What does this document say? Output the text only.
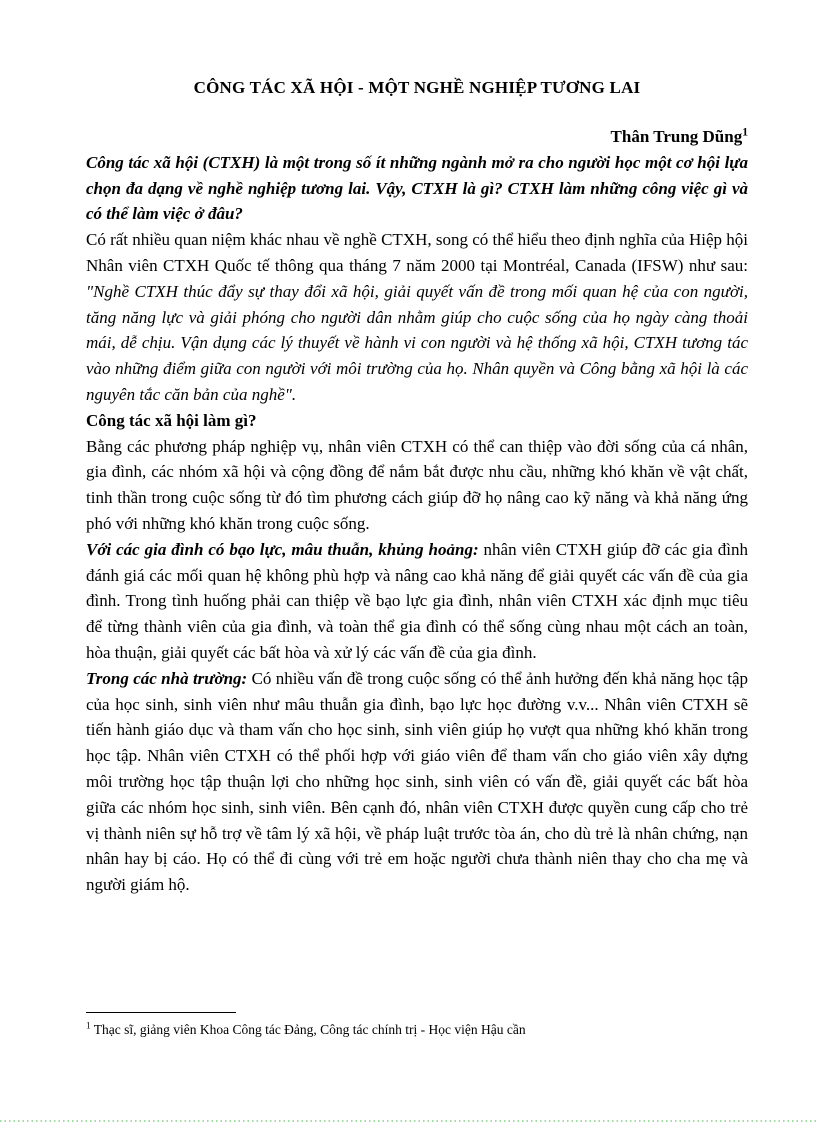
CÔNG TÁC XÃ HỘI - MỘT NGHỀ NGHIỆP TƯƠNG LAI
Thân Trung Dũng$^1$

Công tác xã hội (CTXH) là một trong số ít những ngành mở ra cho người học một cơ hội lựa chọn đa dạng về nghề nghiệp tương lai. Vậy, CTXH là gì? CTXH làm những công việc gì và có thể làm việc ở đâu?

Có rất nhiều quan niệm khác nhau về nghề CTXH, song có thể hiểu theo định nghĩa của Hiệp hội Nhân viên CTXH Quốc tế thông qua tháng 7 năm 2000 tại Montréal, Canada (IFSW) như sau: "Nghề CTXH thúc đẩy sự thay đổi xã hội, giải quyết vấn đề trong mối quan hệ của con người, tăng năng lực và giải phóng cho người dân nhằm giúp cho cuộc sống của họ ngày càng thoải mái, dễ chịu. Vận dụng các lý thuyết về hành vi con người và hệ thống xã hội, CTXH tương tác vào những điểm giữa con người với môi trường của họ. Nhân quyền và Công bằng xã hội là các nguyên tắc căn bản của nghề".

Công tác xã hội làm gì?

Bằng các phương pháp nghiệp vụ, nhân viên CTXH có thể can thiệp vào đời sống của cá nhân, gia đình, các nhóm xã hội và cộng đồng để nắm bắt được nhu cầu, những khó khăn về vật chất, tinh thần trong cuộc sống từ đó tìm phương cách giúp đỡ họ nâng cao kỹ năng và khả năng ứng phó với những khó khăn trong cuộc sống.

Với các gia đình có bạo lực, mâu thuẫn, khủng hoảng: nhân viên CTXH giúp đỡ các gia đình đánh giá các mối quan hệ không phù hợp và nâng cao khả năng để giải quyết các vấn đề của gia đình. Trong tình huống phải can thiệp về bạo lực gia đình, nhân viên CTXH xác định mục tiêu để từng thành viên của gia đình, và toàn thể gia đình có thể sống cùng nhau một cách an toàn, hòa thuận, giải quyết các bất hòa và xử lý các vấn đề của gia đình.

Trong các nhà trường: Có nhiều vấn đề trong cuộc sống có thể ảnh hưởng đến khả năng học tập của học sinh, sinh viên như mâu thuẫn gia đình, bạo lực học đường v.v... Nhân viên CTXH sẽ tiến hành giáo dục và tham vấn cho học sinh, sinh viên giúp họ vượt qua những khó khăn trong học tập. Nhân viên CTXH có thể phối hợp với giáo viên để tham vấn cho giáo viên xây dựng môi trường học tập thuận lợi cho những học sinh, sinh viên có vấn đề, giải quyết các bất hòa giữa các nhóm học sinh, sinh viên. Bên cạnh đó, nhân viên CTXH được quyền cung cấp cho trẻ vị thành niên sự hỗ trợ về tâm lý xã hội, về pháp luật trước tòa án, cho dù trẻ là nhân chứng, nạn nhân hay bị cáo. Họ có thể đi cùng với trẻ em hoặc người chưa thành niên thay cho cha mẹ và người giám hộ.

$^1$ Thạc sĩ, giảng viên Khoa Công tác Đảng, Công tác chính trị - Học viện Hậu cần
